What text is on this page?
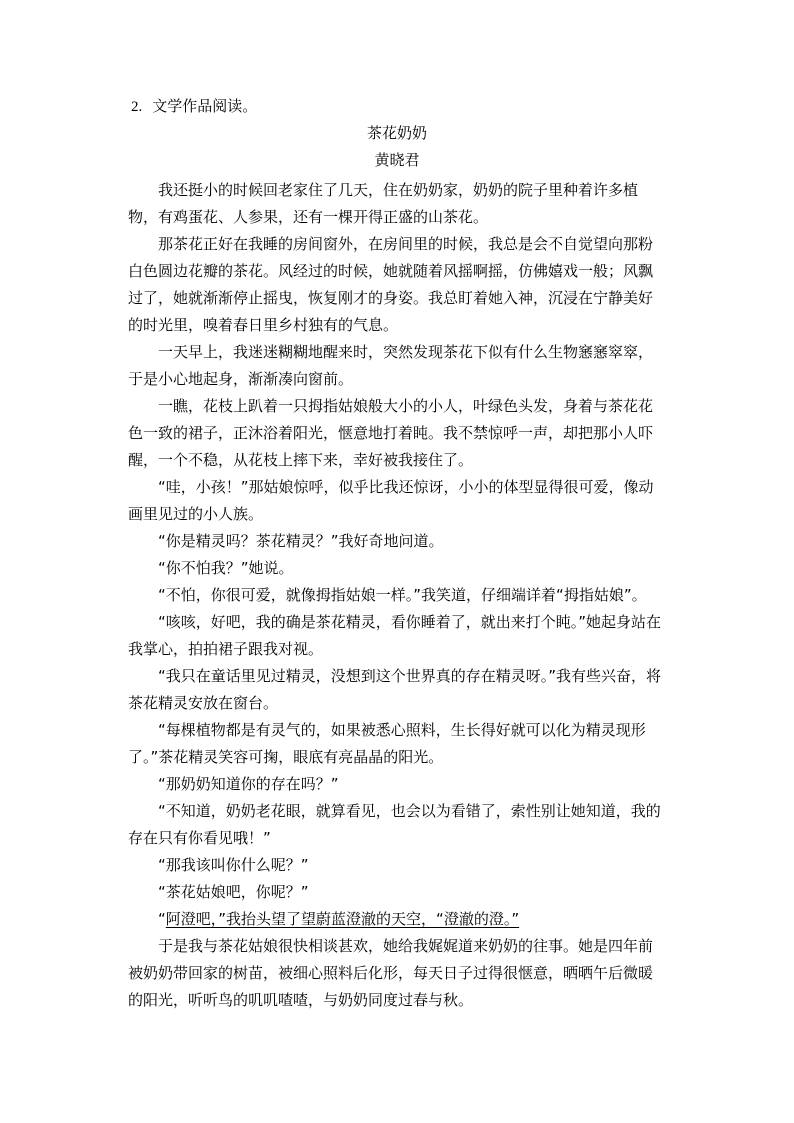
2. 文学作品阅读。
茶花奶奶
黄晓君

我还挺小的时候回老家住了几天，住在奶奶家，奶奶的院子里种着许多植物，有鸡蛋花、人参果，还有一棵开得正盛的山茶花。

那茶花正好在我睡的房间窗外，在房间里的时候，我总是会不自觉望向那粉白色圆边花瓣的茶花。风经过的时候，她就随着风摇啊摇，仿佛嬉戏一般；风飘过了，她就渐渐停止摇曳，恢复刚才的身姿。我总盯着她入神，沉浸在宁静美好的时光里，嗅着春日里乡村独有的气息。

一天早上，我迷迷糊糊地醒来时，突然发现茶花下似有什么生物窸窸窣窣，于是小心地起身，渐渐凑向窗前。

一瞧，花枝上趴着一只拇指姑娘般大小的小人，叶绿色头发，身着与茶花花色一致的裙子，正沐浴着阳光，惬意地打着盹。我不禁惊呼一声，却把那小人吓醒，一个不稳，从花枝上摔下来，幸好被我接住了。

“哇，小孩！”那姑娘惊呼，似乎比我还惊讶，小小的体型显得很可爱，像动画里见过的小人族。

“你是精灵吗？茶花精灵？”我好奇地问道。

“你不怕我？”她说。

“不怕，你很可爱，就像拇指姑娘一样。”我笑道，仔细端详着“拇指姑娘”。

“咳咳，好吧，我的确是茶花精灵，看你睡着了，就出来打个盹。”她起身站在我掌心，拍拍裙子跟我对视。

“我只在童话里见过精灵，没想到这个世界真的存在精灵呀。”我有些兴奋，将茶花精灵安放在窗台。

“每棵植物都是有灵气的，如果被悉心照料，生长得好就可以化为精灵现形了。”茶花精灵笑容可掬，眼底有亮晶晶的阳光。

“那奶奶知道你的存在吗？”

“不知道，奶奶老花眼，就算看见，也会以为看错了，索性别让她知道，我的存在只有你看见哦！”

“那我该叫你什么呢？”

“茶花姑娘吧，你呢？”

“阿澄吧，”我抬头望了望蔚蓝澄澈的天空，“澄澈的澄。”

于是我与茶花姑娘很快相谈甚欢，她给我娓娓道来奶奶的往事。她是四年前被奶奶带回家的树苗，被细心照料后化形，每天日子过得很惬意，晒晒午后微暖的阳光，听听鸟的叽叽喳喳，与奶奶同度过春与秋。
